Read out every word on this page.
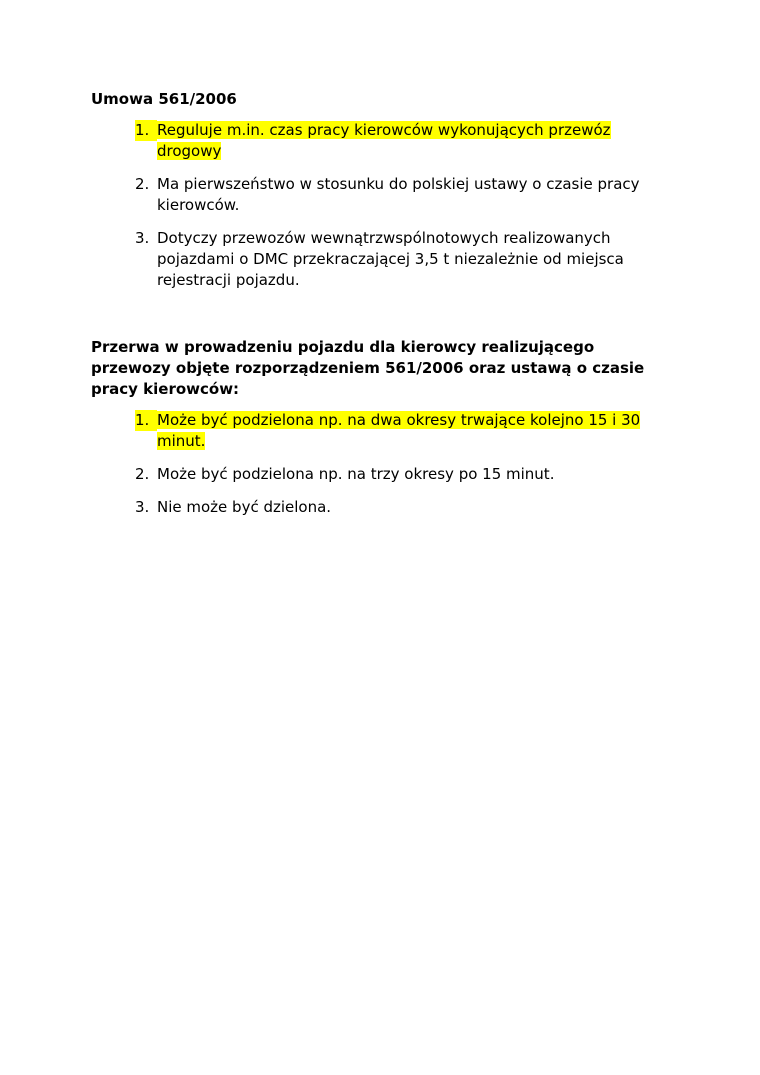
Umowa 561/2006

1. Reguluje m.in. czas pracy kierowców wykonujących przewóz drogowy
2. Ma pierwszeństwo w stosunku do polskiej ustawy o czasie pracy kierowców.
3. Dotyczy przewozów wewnątrzwspólnotowych realizowanych pojazdami o DMC przekraczającej 3,5 t niezależnie od miejsca rejestracji pojazdu.

Przerwa w prowadzeniu pojazdu dla kierowcy realizującego przewozy objęte rozporządzeniem 561/2006 oraz ustawą o czasie pracy kierowców:

1. Może być podzielona np. na dwa okresy trwające kolejno 15 i 30 minut.
2. Może być podzielona np. na trzy okresy po 15 minut.
3. Nie może być dzielona.
